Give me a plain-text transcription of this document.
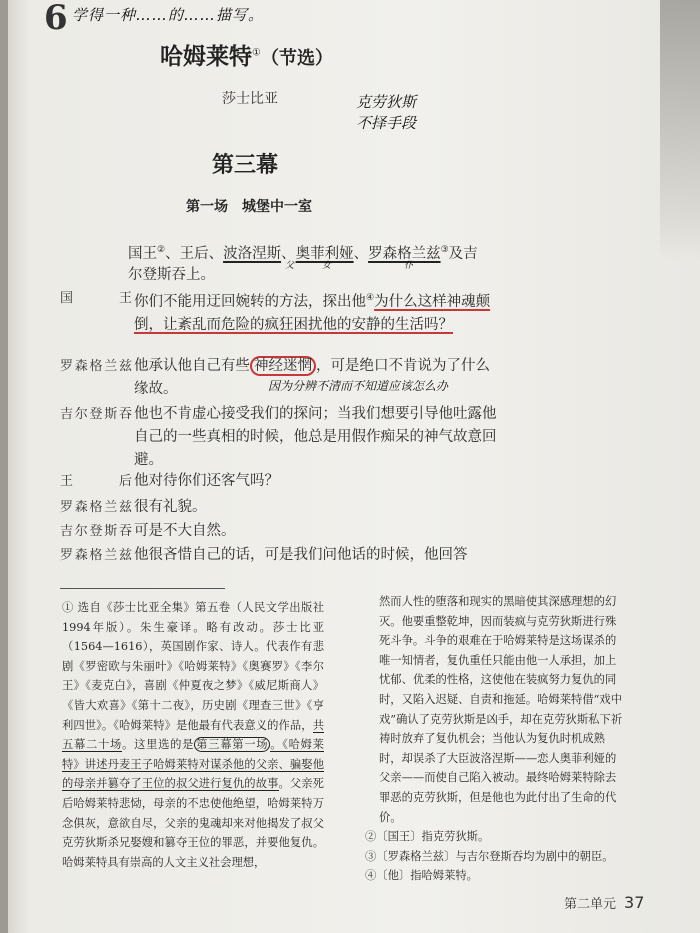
6 学得一种……的……描写。
哈姆莱特①（节选）
莎士比亚	克劳狄斯
不择手段
第三幕
第一场　城堡中一室
国王②、王后、波洛涅斯、奥菲利娅、罗森格兰兹③及吉尔登斯吞上。
父	女	仆
国王 你们不能用迂回婉转的方法，探出他④为什么这样神魂颠倒，让紊乱而危险的疯狂困扰他的安静的生活吗？
罗森格兰兹 他承认他自己有些 神经迷惘 ，可是绝口不肯说为了什么缘故。	因为分辨不清而不知道应该怎么办
吉尔登斯吞 他也不肯虚心接受我们的探问；当我们想要引导他吐露他自己的一些真相的时候，他总是用假作痴呆的神气故意回避。
王后 他对待你们还客气吗？
罗森格兰兹 很有礼貌。
吉尔登斯吞 可是不大自然。
罗森格兰兹 他很吝惜自己的话，可是我们问他话的时候，他回答
① 选自《莎士比亚全集》第五卷（人民文学出版社1994年版）。朱生豪译。略有改动。莎士比亚（1564—1616），英国剧作家、诗人。代表作有悲剧《罗密欧与朱丽叶》《哈姆莱特》《奥赛罗》《李尔王》《麦克白》，喜剧《仲夏夜之梦》《威尼斯商人》《皆大欢喜》《第十二夜》，历史剧《理查三世》《亨利四世》。《哈姆莱特》是他最有代表意义的作品，共五幕二十场。这里选的是 第三幕第一场 。《哈姆莱特》讲述丹麦王子哈姆莱特对谋杀他的父亲、骗娶他的母亲并篡夺了王位的叔父进行复仇的故事。父亲死后哈姆莱特悲恸，母亲的不忠使他绝望，哈姆莱特万念俱灰，意欲自尽，父亲的鬼魂却来对他揭发了叔父克劳狄斯杀兄娶嫂和篡夺王位的罪恶，并要他复仇。哈姆莱特具有崇高的人文主义社会理想，

然而人性的堕落和现实的黑暗使其深感理想的幻灭。他要重整乾坤，因而装疯与克劳狄斯进行殊死斗争。斗争的艰难在于哈姆莱特是这场谋杀的唯一知情者，复仇重任只能由他一人承担，加上忧郁、优柔的性格，这使他在装疯努力复仇的同时，又陷入迟疑、自责和拖延。哈姆莱特借“戏中戏”确认了克劳狄斯是凶手，却在克劳狄斯私下祈祷时放弃了复仇机会；当他认为复仇时机成熟时，却误杀了大臣波洛涅斯——恋人奥菲利娅的父亲——而使自己陷入被动。最终哈姆莱特除去罪恶的克劳狄斯，但是他也为此付出了生命的代价。

②〔国王〕指克劳狄斯。

③〔罗森格兰兹〕与吉尔登斯吞均为剧中的朝臣。

④〔他〕指哈姆莱特。

第二单元 37
